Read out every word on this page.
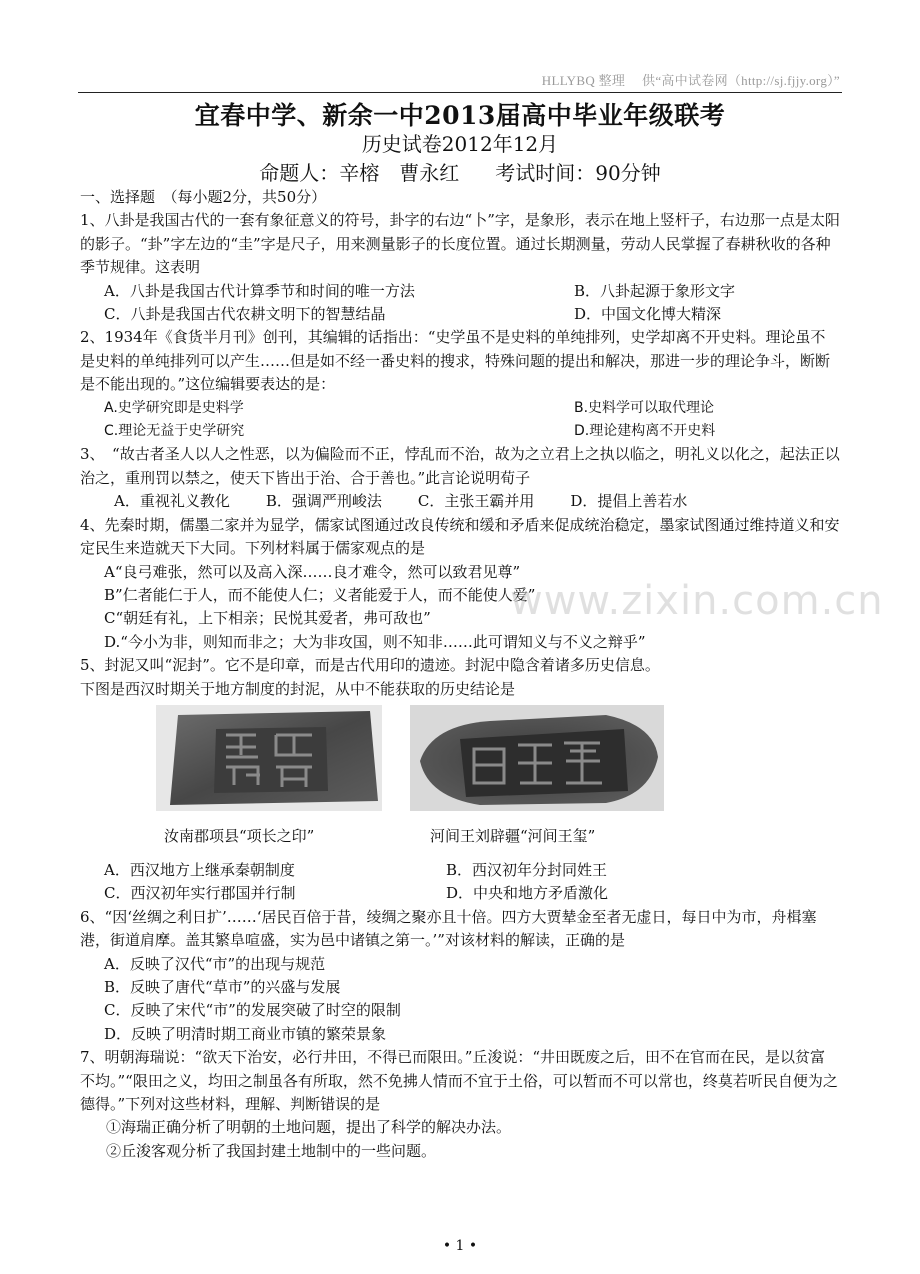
HLLYBQ 整理　 供“高中试卷网（http://sj.fjjy.org）”
宜春中学、新余一中2013届高中毕业年级联考
历史试卷2012年12月
命题人：辛榕　曹永红 考试时间：90分钟

一、选择题　（每小题2分，共50分）

1、八卦是我国古代的一套有象征意义的符号，卦字的右边“卜”字，是象形，表示在地上竖杆子，右边那一点是太阳的影子。“卦”字左边的“圭”字是尺子，用来测量影子的长度位置。通过长期测量，劳动人民掌握了春耕秋收的各种季节规律。这表明

A．八卦是我国古代计算季节和时间的唯一方法	B．八卦起源于象形文字
C．八卦是我国古代农耕文明下的智慧结晶	D．中国文化博大精深

2、1934年《食货半月刊》创刊，其编辑的话指出：“史学虽不是史料的单纯排列，史学却离不开史料。理论虽不是史料的单纯排列可以产生……但是如不经一番史料的搜求，特殊问题的提出和解决，那进一步的理论争斗，断断是不能出现的。”这位编辑要表达的是：

A.史学研究即是史料学	B.史料学可以取代理论
C.理论无益于史学研究	D.理论建构离不开史料

3、　“故古者圣人以人之性恶，以为偏险而不正，悖乱而不治，故为之立君上之执以临之，明礼义以化之，起法正以治之，重刑罚以禁之，使天下皆出于治、合于善也。”此言论说明荀子

A．重视礼义教化 B．强调严刑峻法 C．主张王霸并用 D．提倡上善若水

4、先秦时期，儒墨二家并为显学，儒家试图通过改良传统和缓和矛盾来促成统治稳定，墨家试图通过维持道义和安定民生来造就天下大同。下列材料属于儒家观点的是

A“良弓难张，然可以及高入深……良才难令，然可以致君见尊”

B”仁者能仁于人，而不能使人仁；义者能爱于人，而不能使人爱”

C“朝廷有礼，上下相亲；民悦其爱者，弗可敌也”

D.“今小为非，则知而非之；大为非攻国，则不知非……此可谓知义与不义之辩乎”

5、封泥又叫“泥封”。它不是印章，而是古代用印的遗迹。封泥中隐含着诸多历史信息。

下图是西汉时期关于地方制度的封泥，从中不能获取的历史结论是

汝南郡项县“项长之印”	河间王刘辟疆“河间王玺”
A．西汉地方上继承秦朝制度	B．西汉初年分封同姓王
C．西汉初年实行郡国并行制	D．中央和地方矛盾激化

6、“因‘丝绸之利日扩’……‘居民百倍于昔，绫绸之聚亦且十倍。四方大贾辇金至者无虚日，每日中为市，舟楫塞港，街道肩摩。盖其繁阜喧盛，实为邑中诸镇之第一。’”对该材料的解读，正确的是

A．反映了汉代“市”的出现与规范

B．反映了唐代“草市”的兴盛与发展

C．反映了宋代“市”的发展突破了时空的限制

D．反映了明清时期工商业市镇的繁荣景象

7、明朝海瑞说：“欲天下治安，必行井田，不得已而限田。”丘浚说：“井田既废之后，田不在官而在民，是以贫富不均。”“限田之义，均田之制虽各有所取，然不免拂人情而不宜于土俗，可以暂而不可以常也，终莫若听民自便为之德得。”下列对这些材料，理解、判断错误的是

①海瑞正确分析了明朝的土地问题，提出了科学的解决办法。

②丘浚客观分析了我国封建土地制中的一些问题。

www.zixin.com.cn
• 1 •
